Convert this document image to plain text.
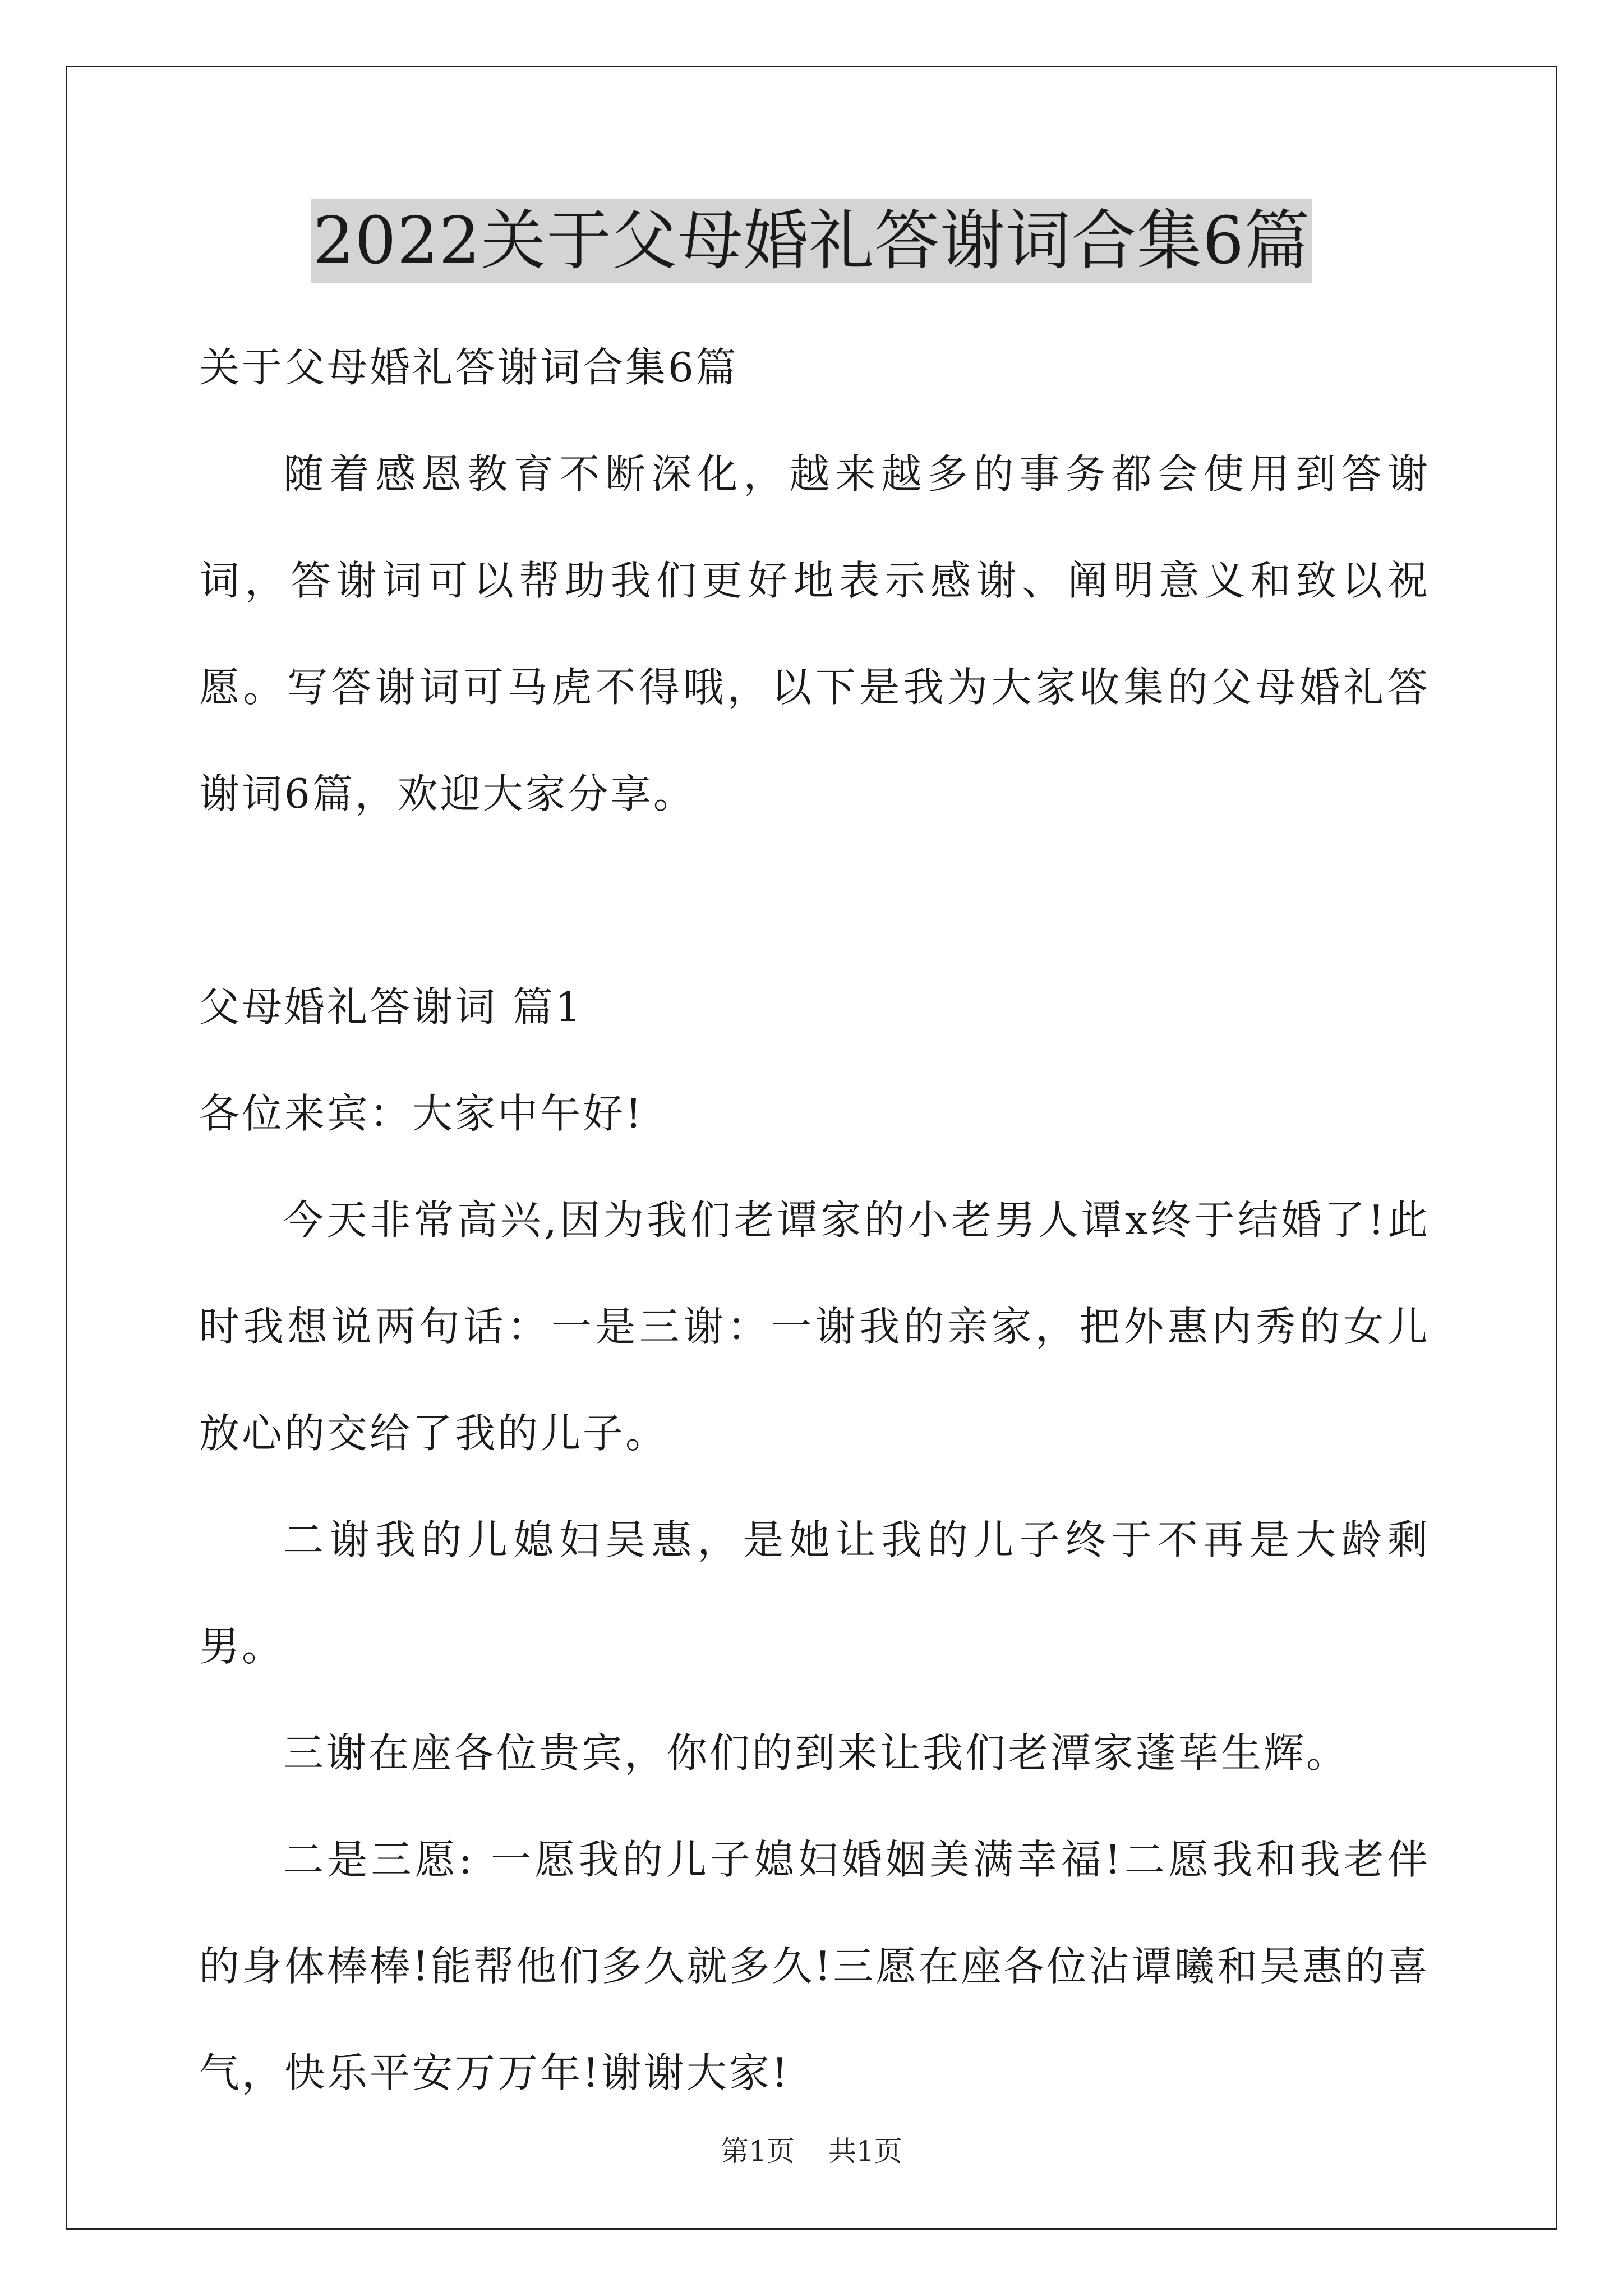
2022关于父母婚礼答谢词合集6篇

关于父母婚礼答谢词合集6篇

随着感恩教育不断深化，越来越多的事务都会使用到答谢词，答谢词可以帮助我们更好地表示感谢、阐明意义和致以祝愿。写答谢词可马虎不得哦，以下是我为大家收集的父母婚礼答谢词6篇，欢迎大家分享。

父母婚礼答谢词 篇1

各位来宾：大家中午好!

今天非常高兴,因为我们老谭家的小老男人谭x终于结婚了!此时我想说两句话：一是三谢：一谢我的亲家，把外惠内秀的女儿放心的交给了我的儿子。

二谢我的儿媳妇吴惠，是她让我的儿子终于不再是大龄剩男。

三谢在座各位贵宾，你们的到来让我们老潭家蓬荜生辉。

二是三愿: 一愿我的儿子媳妇婚姻美满幸福!二愿我和我老伴的身体棒棒!能帮他们多久就多久!三愿在座各位沾谭曦和吴惠的喜气，快乐平安万万年!谢谢大家!

第1页 共1页
